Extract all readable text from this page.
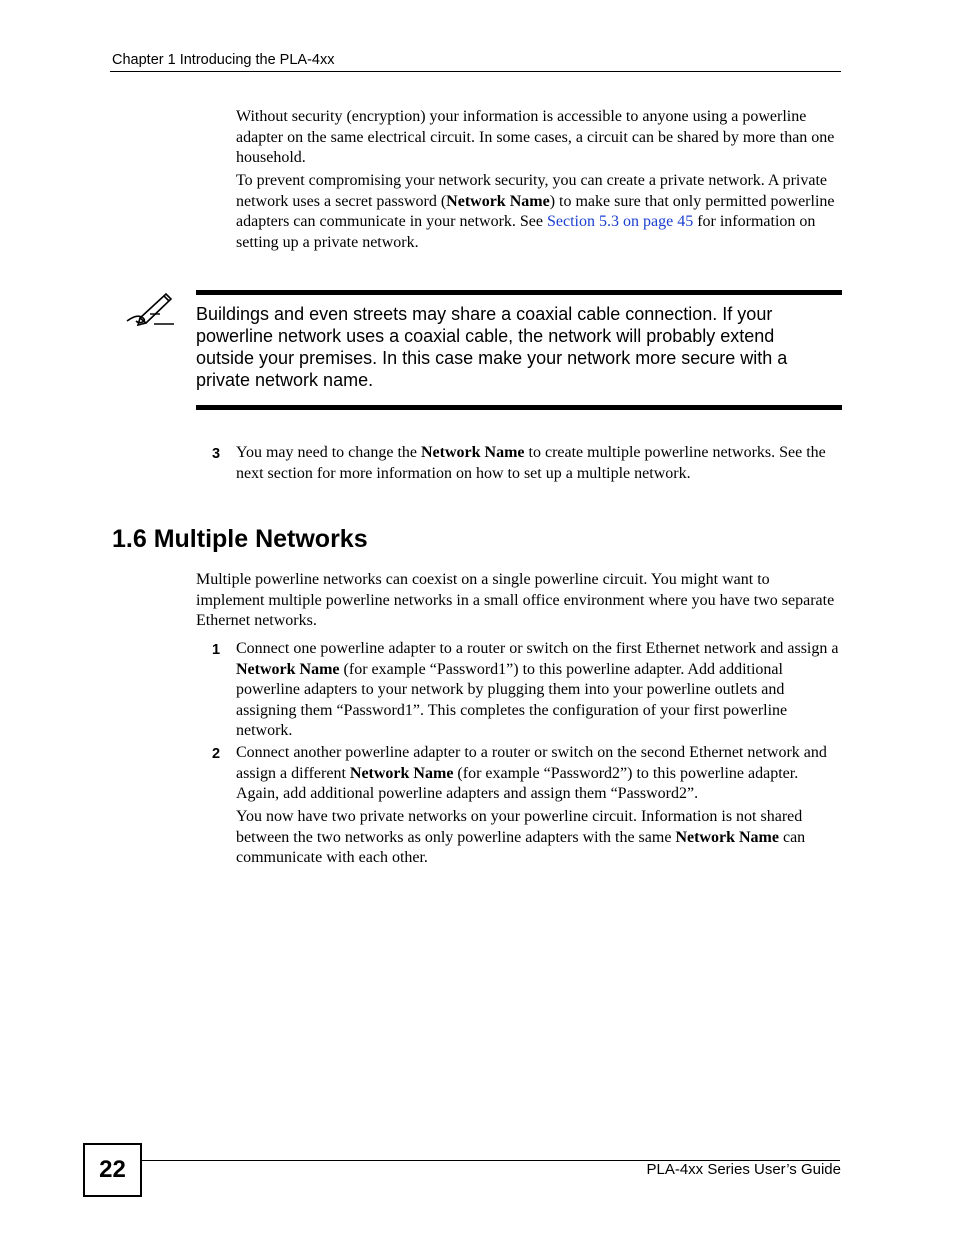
Chapter 1 Introducing the PLA-4xx
Without security (encryption) your information is accessible to anyone using a powerline adapter on the same electrical circuit. In some cases, a circuit can be shared by more than one household.
To prevent compromising your network security, you can create a private network. A private network uses a secret password (Network Name) to make sure that only permitted powerline adapters can communicate in your network. See Section 5.3 on page 45 for information on setting up a private network.
Buildings and even streets may share a coaxial cable connection. If your powerline network uses a coaxial cable, the network will probably extend outside your premises. In this case make your network more secure with a private network name.
3 You may need to change the Network Name to create multiple powerline networks. See the next section for more information on how to set up a multiple network.
1.6 Multiple Networks
Multiple powerline networks can coexist on a single powerline circuit. You might want to implement multiple powerline networks in a small office environment where you have two separate Ethernet networks.
1 Connect one powerline adapter to a router or switch on the first Ethernet network and assign a Network Name (for example “Password1”) to this powerline adapter. Add additional powerline adapters to your network by plugging them into your powerline outlets and assigning them “Password1”. This completes the configuration of your first powerline network.
2 Connect another powerline adapter to a router or switch on the second Ethernet network and assign a different Network Name (for example “Password2”) to this powerline adapter. Again, add additional powerline adapters and assign them “Password2”.
You now have two private networks on your powerline circuit. Information is not shared between the two networks as only powerline adapters with the same Network Name can communicate with each other.
22	PLA-4xx Series User’s Guide
